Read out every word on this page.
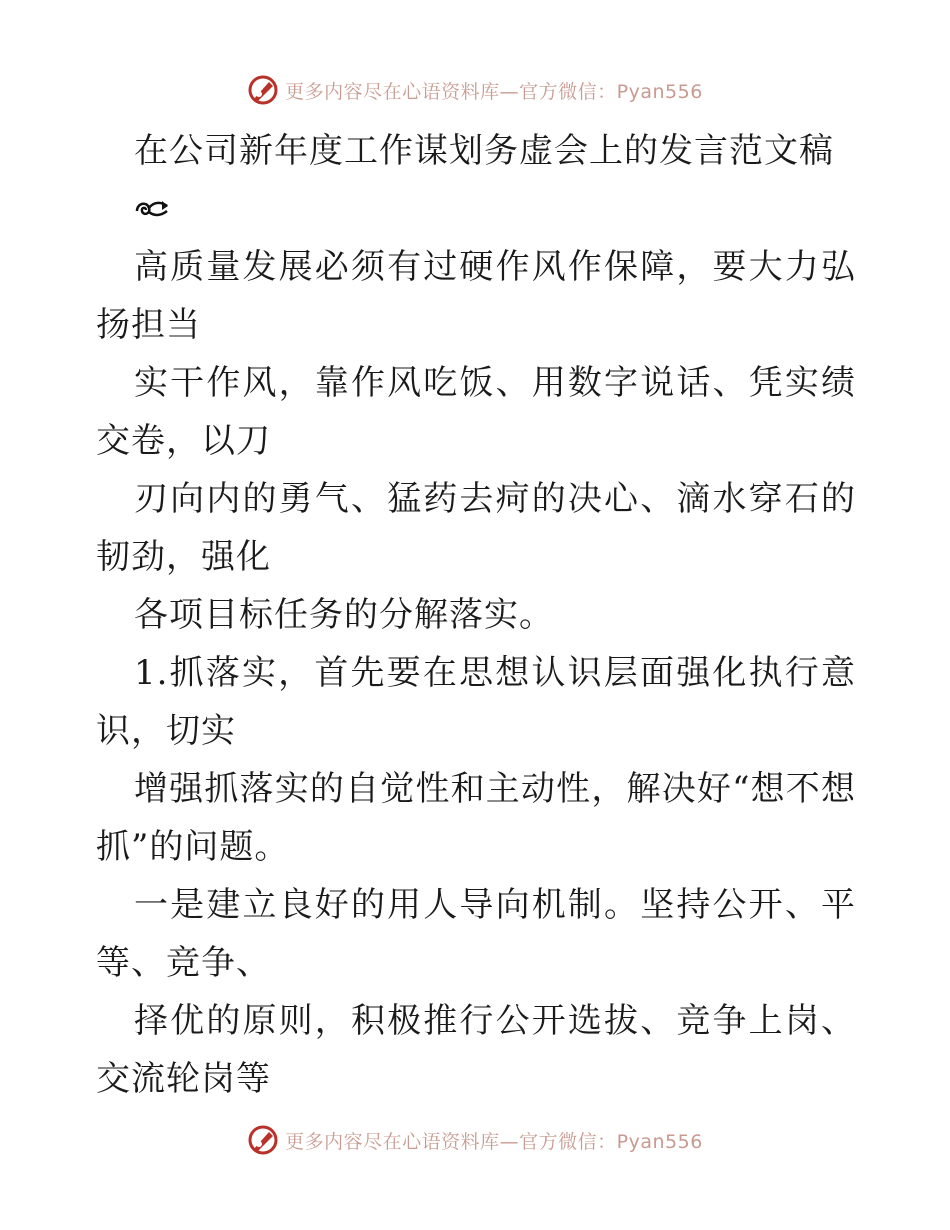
更多内容尽在心语资料库—官方微信：Pyan556

在公司新年度工作谋划务虚会上的发言范文稿

高质量发展必须有过硬作风作保障，要大力弘扬担当

实干作风，靠作风吃饭、用数字说话、凭实绩交卷，以刀

刃向内的勇气、猛药去疴的决心、滴水穿石的韧劲，强化

各项目标任务的分解落实。

1.抓落实，首先要在思想认识层面强化执行意识，切实

增强抓落实的自觉性和主动性，解决好“想不想抓”的问题。

一是建立良好的用人导向机制。坚持公开、平等、竞争、

择优的原则，积极推行公开选拔、竞争上岗、交流轮岗等

更多内容尽在心语资料库—官方微信：Pyan556
